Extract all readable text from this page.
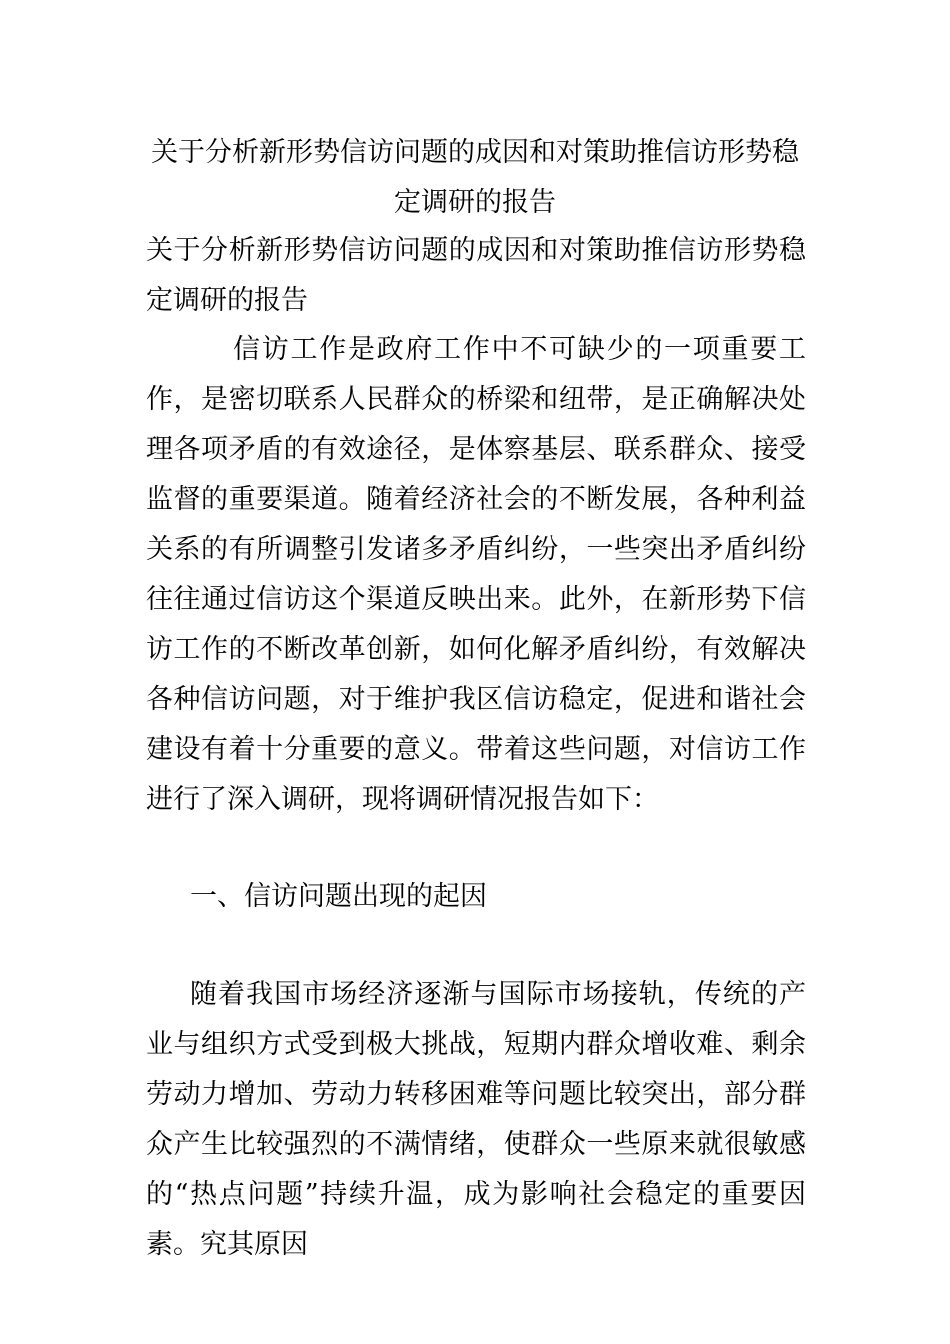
关于分析新形势信访问题的成因和对策助推信访形势稳定调研的报告

关于分析新形势信访问题的成因和对策助推信访形势稳定调研的报告

信访工作是政府工作中不可缺少的一项重要工作，是密切联系人民群众的桥梁和纽带，是正确解决处理各项矛盾的有效途径，是体察基层、联系群众、接受监督的重要渠道。随着经济社会的不断发展，各种利益关系的有所调整引发诸多矛盾纠纷，一些突出矛盾纠纷往往通过信访这个渠道反映出来。此外，在新形势下信访工作的不断改革创新，如何化解矛盾纠纷，有效解决各种信访问题，对于维护我区信访稳定，促进和谐社会建设有着十分重要的意义。带着这些问题，对信访工作进行了深入调研，现将调研情况报告如下：

一、信访问题出现的起因

随着我国市场经济逐渐与国际市场接轨，传统的产业与组织方式受到极大挑战，短期内群众增收难、剩余劳动力增加、劳动力转移困难等问题比较突出，部分群众产生比较强烈的不满情绪，使群众一些原来就很敏感的“热点问题”持续升温，成为影响社会稳定的重要因素。究其原因
